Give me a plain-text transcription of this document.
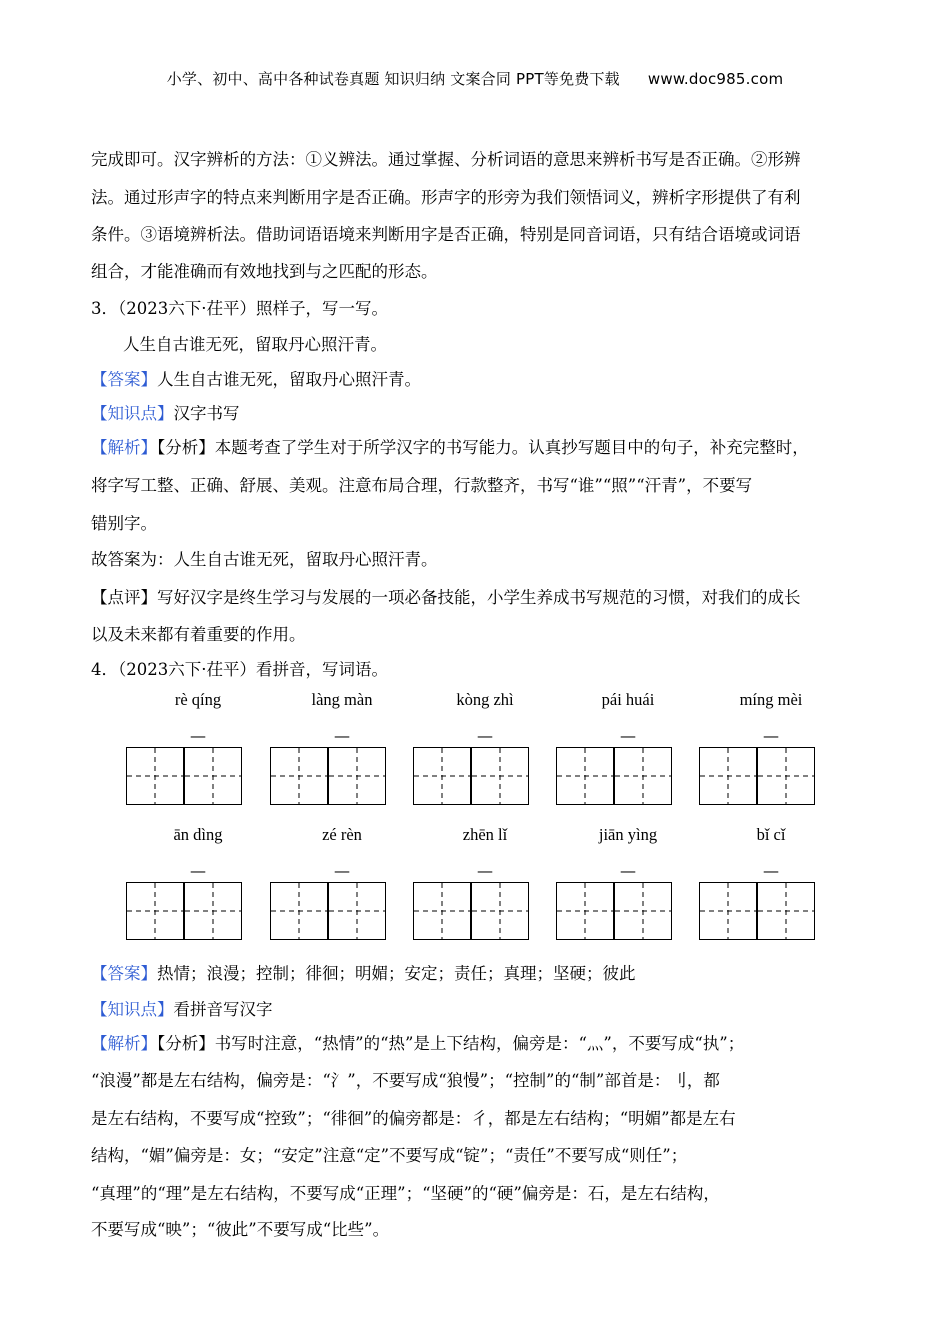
小学、初中、高中各种试卷真题 知识归纳 文案合同 PPT等免费下载 www.doc985.com
完成即可。汉字辨析的方法：①义辨法。通过掌握、分析词语的意思来辨析书写是否正确。②形辨
法。通过形声字的特点来判断用字是否正确。形声字的形旁为我们领悟词义，辨析字形提供了有利
条件。③语境辨析法。借助词语语境来判断用字是否正确，特别是同音词语，只有结合语境或词语
组合，才能准确而有效地找到与之匹配的形态。
3．（2023六下·茌平）照样子，写一写。
人生自古谁无死，留取丹心照汗青。
【答案】人生自古谁无死，留取丹心照汗青。
【知识点】汉字书写
【解析】【分析】本题考查了学生对于所学汉字的书写能力。认真抄写题目中的句子，补充完整时，
将字写工整、正确、舒展、美观。注意布局合理，行款整齐，书写“谁”“照”“汗青”，不要写
错别字。
故答案为：人生自古谁无死，留取丹心照汗青。
【点评】写好汉字是终生学习与发展的一项必备技能，小学生养成书写规范的习惯，对我们的成长
以及未来都有着重要的作用。
4．（2023六下·茌平）看拼音，写词语。
rè qíng
—
làng màn
—
kòng zhì
—
pái huái
—
míng mèi
—
ān dìng
—
zé rèn
—
zhēn lǐ
—
jiān yìng
—
bǐ cǐ
—
【答案】热情；浪漫；控制；徘徊；明媚；安定；责任；真理；坚硬；彼此
【知识点】看拼音写汉字
【解析】【分析】书写时注意，“热情”的“热”是上下结构，偏旁是：“灬”，不要写成“执”；
“浪漫”都是左右结构，偏旁是：“氵”，不要写成“狼慢”；“控制”的“制”部首是：刂，都
是左右结构，不要写成“控致”；“徘徊”的偏旁都是：彳，都是左右结构；“明媚”都是左右
结构，“媚”偏旁是：女；“安定”注意“定”不要写成“锭”；“责任”不要写成“则任”；
“真理”的“理”是左右结构，不要写成“正理”；“坚硬”的“硬”偏旁是：石，是左右结构，
不要写成“映”；“彼此”不要写成“比些”。
